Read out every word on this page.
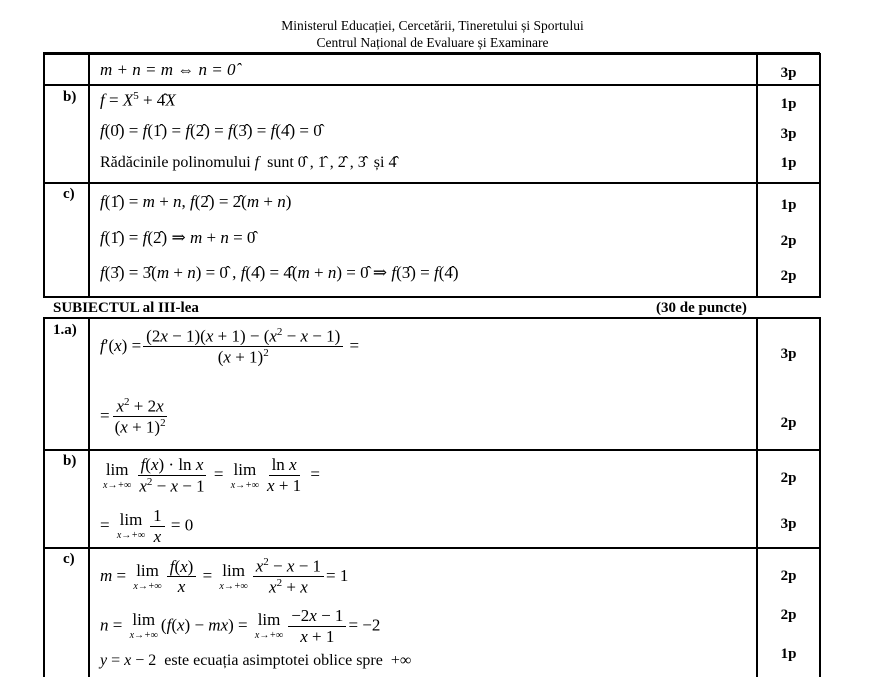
Ministerul Educației, Cercetării, Tineretului și Sportului
Centrul Național de Evaluare și Examinare
m + n = m ⇔ n = 0̂	3p
b) $f = X^5$ + 4̂X
f(0̂) = f(1̂) = f(2̂) = f(3̂) = f(4̂) = 0̂
Rădăcinile polinomului f sunt 0̂ , 1̂ , 2̂ , 3̂  și 4̂
1p
3p
1p
c) f(1̂) = m + n, f(2̂) = 2̂(m + n)
f(1̂) = f(2̂) ⇒ m + n = 0̂
f(3̂) = 3̂(m + n) = 0̂ , f(4̂) = 4̂(m + n) = 0̂ ⇒ f(3̂) = f(4̂)
1p
2p
2p
SUBIECTUL al III-lea	(30 de puncte)
1.a)
$f'(x) = \frac{(2x - 1)(x + 1) - (x^2 - x - 1)}{(x + 1)^2}$ =
= $\frac{x^2 + 2x}{(x + 1)^2}$
3p
2p
b) lim
$x\to+\infty \frac{\text{f(x) · ln x}}{x^2 - x - 1} = \lim$
$x\to+\infty \frac{\text{ln x}}{x + 1}$ =
= lim
$x\to+\infty \frac{1}{x} = 0$
2p
3p
c)
m = lim
$x\to+\infty \frac{f(x)}{x} = \lim$
$x\to+\infty \frac{x^2 - x - 1}{x^2 + x} = 1$
n = lim
x→+∞
(f(x) − mx) = lim
$x\to+\infty \frac{-2x - 1}{x + 1} = -2$
y = x − 2  este ecuația asimptotei oblice spre  +∞
2p
2p
1p
